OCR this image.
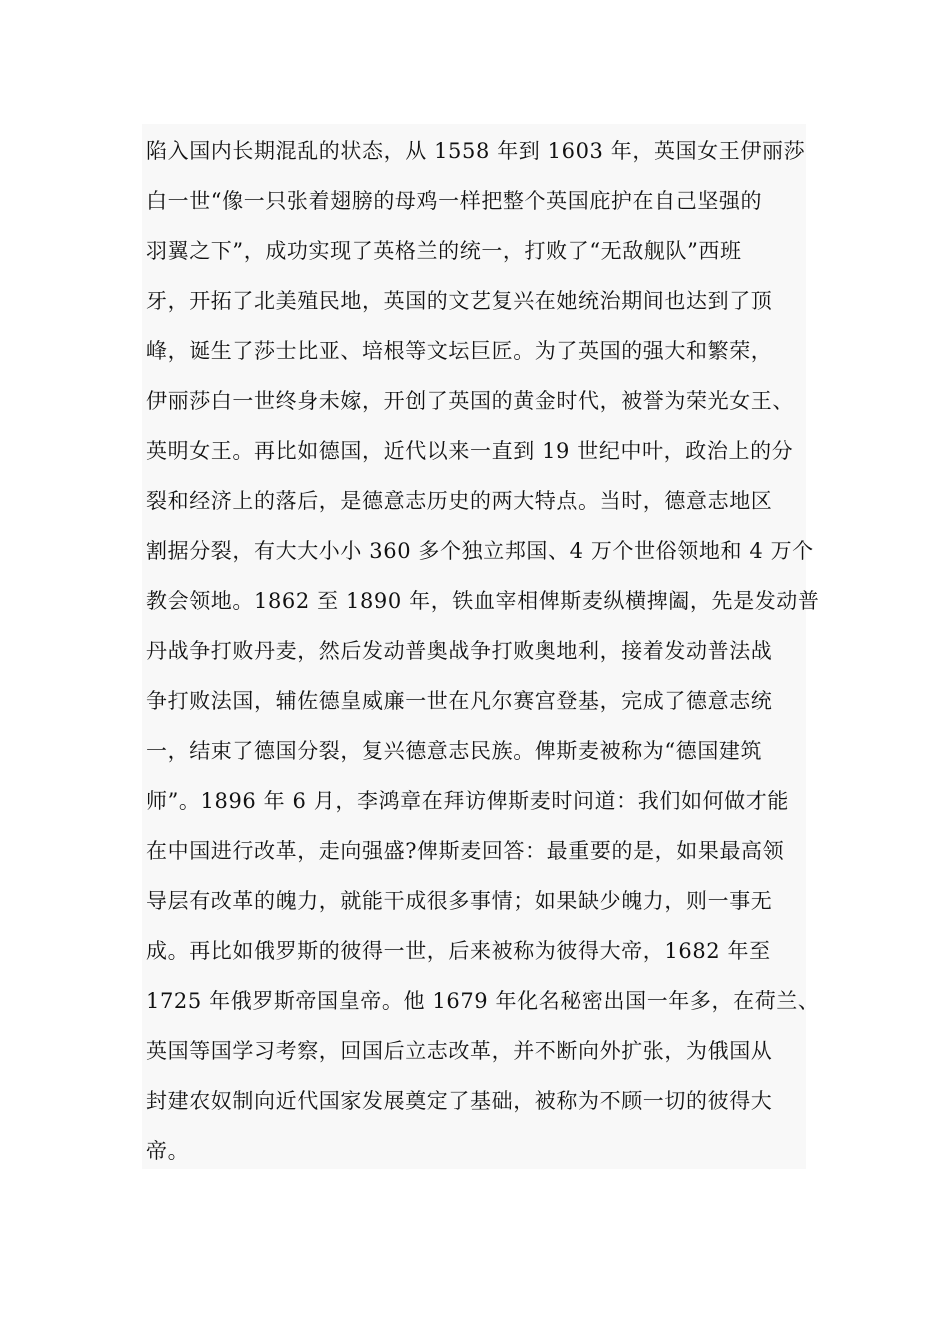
陷入国内长期混乱的状态，从 1558 年到 1603 年，英国女王伊丽莎
白一世“像一只张着翅膀的母鸡一样把整个英国庇护在自己坚强的
羽翼之下”，成功实现了英格兰的统一，打败了“无敌舰队”西班
牙，开拓了北美殖民地，英国的文艺复兴在她统治期间也达到了顶
峰，诞生了莎士比亚、培根等文坛巨匠。为了英国的强大和繁荣，
伊丽莎白一世终身未嫁，开创了英国的黄金时代，被誉为荣光女王、
英明女王。再比如德国，近代以来一直到 19 世纪中叶，政治上的分
裂和经济上的落后，是德意志历史的两大特点。当时，德意志地区
割据分裂，有大大小小 360 多个独立邦国、4 万个世俗领地和 4 万个
教会领地。1862 至 1890 年，铁血宰相俾斯麦纵横捭阖，先是发动普
丹战争打败丹麦，然后发动普奥战争打败奥地利，接着发动普法战
争打败法国，辅佐德皇威廉一世在凡尔赛宫登基，完成了德意志统
一，结束了德国分裂，复兴德意志民族。俾斯麦被称为“德国建筑
师”。1896 年 6 月，李鸿章在拜访俾斯麦时问道：我们如何做才能
在中国进行改革，走向强盛?俾斯麦回答：最重要的是，如果最高领
导层有改革的魄力，就能干成很多事情；如果缺少魄力，则一事无
成。再比如俄罗斯的彼得一世，后来被称为彼得大帝，1682 年至
1725 年俄罗斯帝国皇帝。他 1679 年化名秘密出国一年多，在荷兰、
英国等国学习考察，回国后立志改革，并不断向外扩张，为俄国从
封建农奴制向近代国家发展奠定了基础，被称为不顾一切的彼得大
帝。
